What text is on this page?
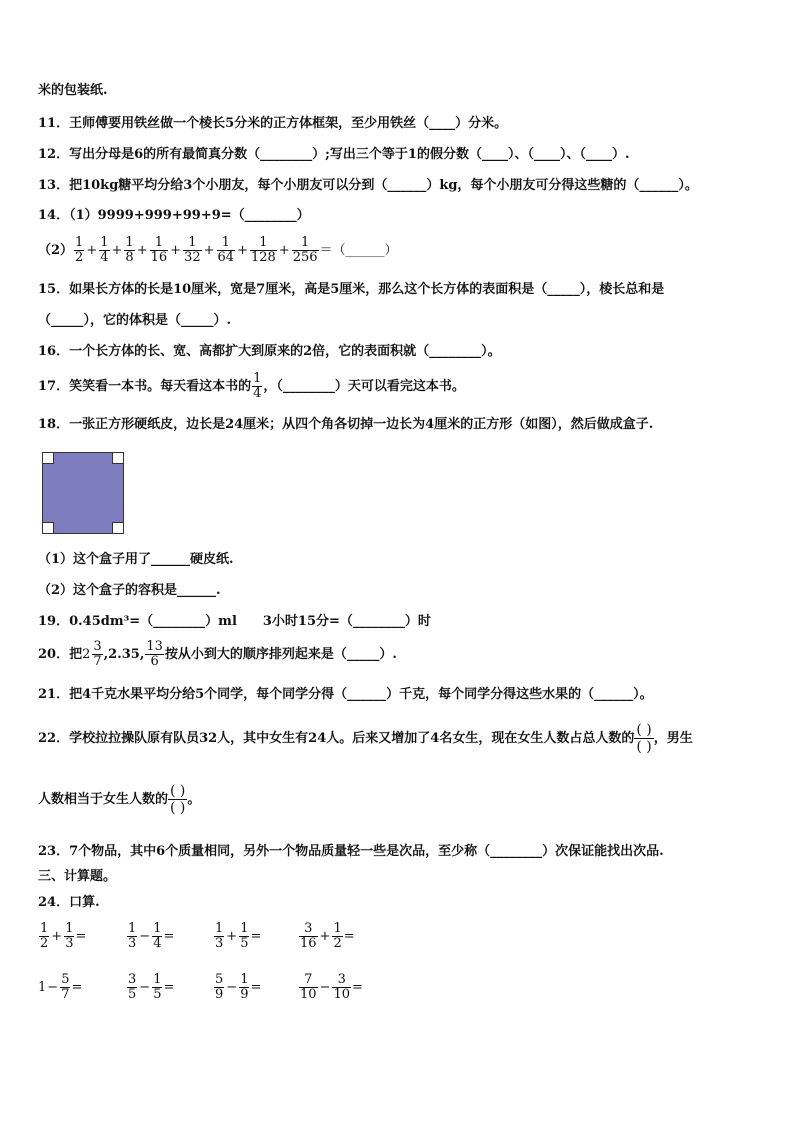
米的包装纸.
11．王师傅要用铁丝做一个棱长5分米的正方体框架，至少用铁丝（____）分米。
12．写出分母是6的所有最简真分数（________）;写出三个等于1的假分数（____）、（____）、（____）.
13．把10kg糖平均分给3个小朋友，每个小朋友可以分到（______）kg，每个小朋友可分得这些糖的（______）。
14．（1）9999+999+99+9=（________）
$(2) \frac{1}{2} + \frac{1}{4} + \frac{1}{8} + \frac{1}{16} + \frac{1}{32} + \frac{1}{64} + \frac{1}{128} + \frac{1}{256}$ ＝（______）
15．如果长方体的长是10厘米，宽是7厘米，高是5厘米，那么这个长方体的表面积是（_____），棱长总和是
（_____），它的体积是（_____）.
16．一个长方体的长、宽、高都扩大到原来的2倍，它的表面积就（________）。
17．笑笑看一本书。每天看这本书的 $\frac{1}{4}$ ，（________）天可以看完这本书。
18．一张正方形硬纸皮，边长是24厘米；从四个角各切掉一边长为4厘米的正方形（如图），然后做成盒子.
（1）这个盒子用了______硬皮纸.
（2）这个盒子的容积是______.
19．0.45dm³=（________）ml　　3小时15分=（________）时
20．把$2 \frac{3}{7} ,2.35$, $\frac{13}{6}$ 按从小到大的顺序排列起来是（_____）.
21．把4千克水果平均分给5个同学，每个同学分得（______）千克，每个同学分得这些水果的（______）。
22．学校拉拉操队原有队员32人，其中女生有24人。后来又增加了4名女生，现在女生人数占总人数的 $\frac{( )}{( )}$ ，男生
人数相当于女生人数的 $\frac{( )}{( )}$ 。
23．7个物品，其中6个质量相同，另外一个物品质量轻一些是次品，至少称（________）次保证能找出次品.
三、计算题。
24．口算.
$\frac{1}{2} + \frac{1}{3}$ =	$\frac{1}{3} - \frac{1}{4}$ =	$\frac{1}{3} + \frac{1}{5}$ =	$\frac{3}{16} + \frac{1}{2}$ =
$1- \frac{5}{7}$ =	$\frac{3}{5} - \frac{1}{5}$ =	$\frac{5}{9} - \frac{1}{9}$ =	$\frac{7}{10} - \frac{3}{10}$ =
